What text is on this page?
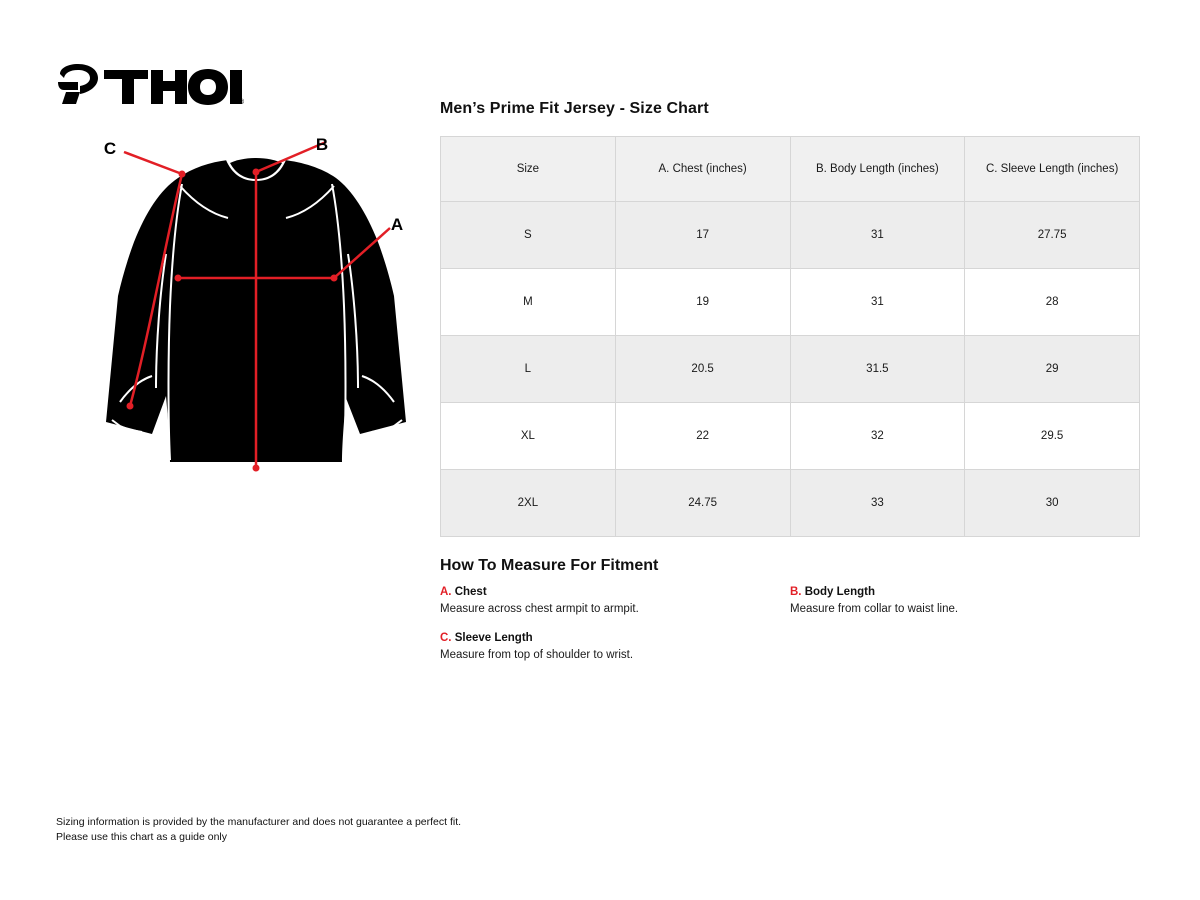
®
B
A
C
Men’s Prime Fit Jersey - Size Chart
Size	A. Chest (inches)	B. Body Length (inches)	C. Sleeve Length (inches)
S	17	31	27.75
M	19	31	28
L	20.5	31.5	29
XL	22	32	29.5
2XL	24.75	33	30
How To Measure For Fitment
A. Chest
Measure across chest armpit to armpit.
B. Body Length
Measure from collar to waist line.
C. Sleeve Length
Measure from top of shoulder to wrist.
Sizing information is provided by the manufacturer and does not guarantee a perfect fit.
Please use this chart as a guide only
